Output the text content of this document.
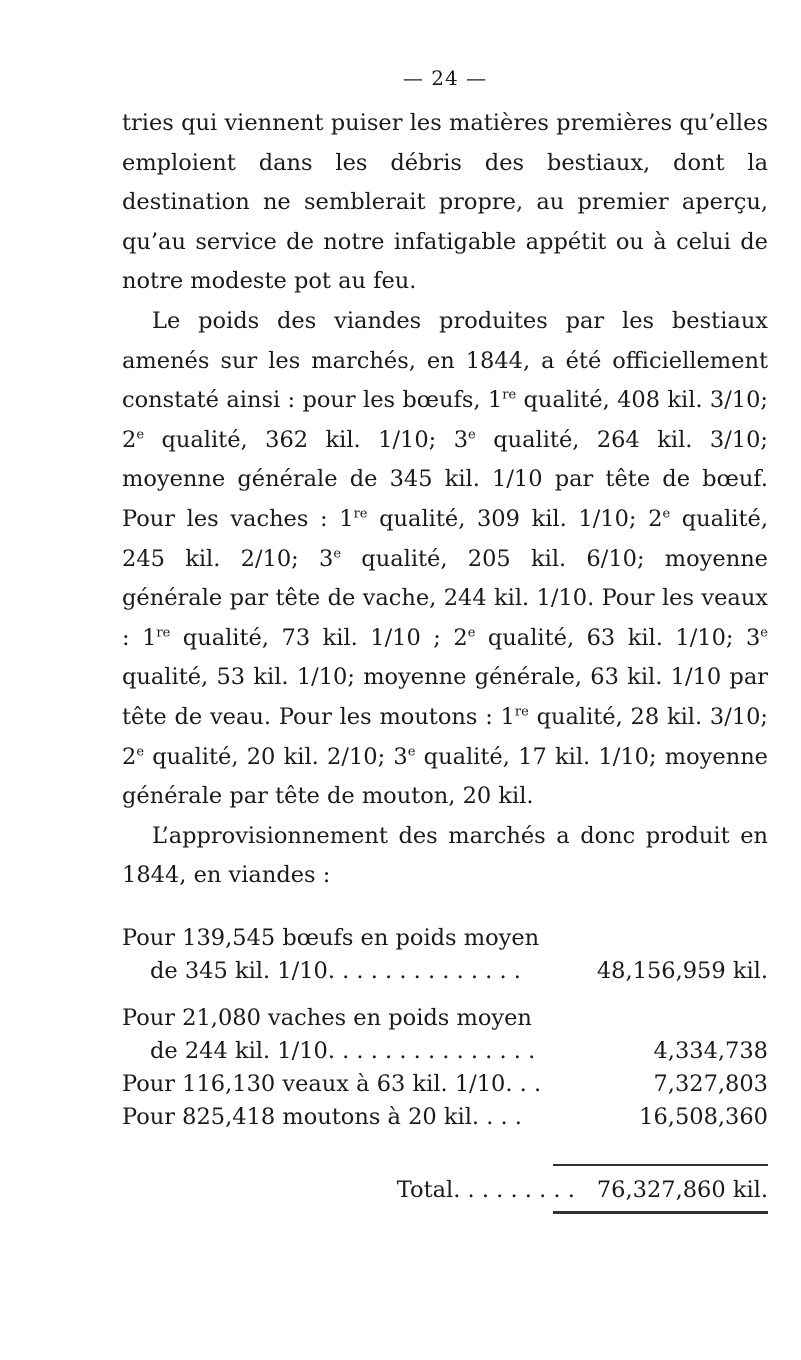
— 24 —

tries qui viennent puiser les matières premières qu’elles emploient dans les débris des bestiaux, dont la destination ne semblerait propre, au premier aperçu, qu’au service de notre infatigable appétit ou à celui de notre modeste pot au feu.

Le poids des viandes produites par les bestiaux amenés sur les marchés, en 1844, a été officiellement constaté ainsi : pour les bœufs, 1re qualité, 408 kil. 3/10; 2e qualité, 362 kil. 1/10; 3e qualité, 264 kil. 3/10; moyenne générale de 345 kil. 1/10 par tête de bœuf. Pour les vaches : 1re qualité, 309 kil. 1/10; 2e qualité, 245 kil. 2/10; 3e qualité, 205 kil. 6/10; moyenne générale par tête de vache, 244 kil. 1/10. Pour les veaux : 1re qualité, 73 kil. 1/10 ; 2e qualité, 63 kil. 1/10; 3e qualité, 53 kil. 1/10; moyenne générale, 63 kil. 1/10 par tête de veau. Pour les moutons : 1re qualité, 28 kil. 3/10; 2e qualité, 20 kil. 2/10; 3e qualité, 17 kil. 1/10; moyenne générale par tête de mouton, 20 kil.

L’approvisionnement des marchés a donc produit en 1844, en viandes :

Pour 139,545 bœufs en poids moyen
de 345 kil. 1/10. . . . . . . . . . . . . .	48,156,959 kil.
Pour 21,080 vaches en poids moyen
de 244 kil. 1/10. . . . . . . . . . . . . . .	4,334,738
Pour 116,130 veaux à 63 kil. 1/10. . .	7,327,803
Pour 825,418 moutons à 20 kil. . . .	16,508,360
Total. . . . . . . . . 76,327,860 kil.
